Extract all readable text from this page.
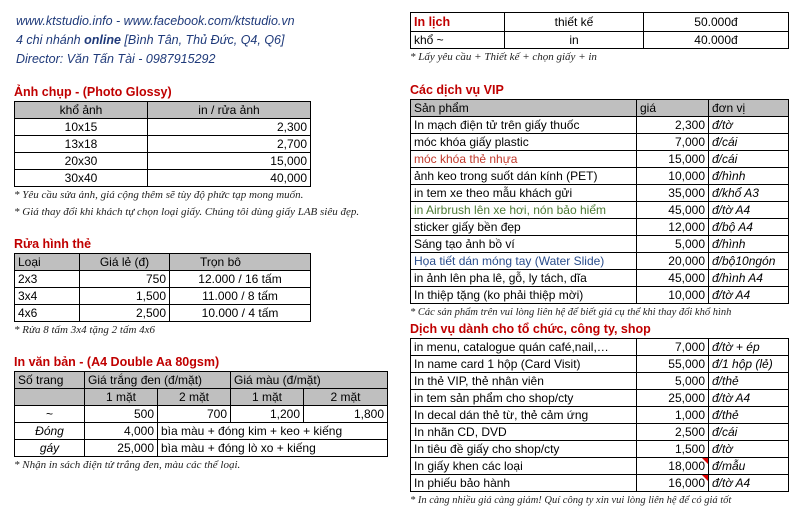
www.ktstudio.info - www.facebook.com/ktstudio.vn
4 chi nhánh online [Bình Tân, Thủ Đức, Q4, Q6]
Director: Văn Tấn Tài - 0987915292
Ảnh chụp - (Photo Glossy)
khổ ảnh	in / rửa ảnh
10x15	2,300
13x18	2,700
20x30	15,000
30x40	40,000
* Yêu cầu sửa ảnh, giá cộng thêm sẽ tùy độ phức tạp mong muốn.
* Giá thay đổi khi khách tự chọn loại giấy. Chúng tôi dùng giấy LAB siêu đẹp.
Rửa hình thẻ
Loại	Giá lẻ (đ)	Trọn bô
2x3	750	12.000 / 16 tấm
3x4	1,500	11.000 / 8 tấm
4x6	2,500	10.000 / 4 tấm
* Rửa 8 tấm 3x4 tặng 2 tấm 4x6
In văn bản - (A4 Double Aa 80gsm)
Số trang	Giá trắng đen (đ/mặt)		Giá màu (đ/mặt)	
	1 mặt	2 mặt	1 mặt	2 mặt
~	500	700	1,200	1,800
Đóng	4,000	bìa màu + đóng kim + keo + kiếng		
gáy	25,000	bìa màu + đóng lò xo + kiếng		
* Nhận in sách điện tử trắng đen, màu các thể loại.
In lịch	thiết kế	50.000đ
khổ ~	in	40.000đ
* Lấy yêu cầu + Thiết kế + chọn giấy + in
Các dịch vụ VIP
Sản phẩm	giá	đơn vị
In mạch điện tử trên giấy thuốc	2,300	đ/tờ
móc khóa giấy plastic	7,000	đ/cái
móc khóa thẻ nhựa	15,000	đ/cái
ảnh keo trong suốt dán kính (PET)	10,000	đ/hình
in tem xe theo mẫu khách gửi	35,000	đ/khổ A3
in Airbrush lên xe hơi, nón bảo hiểm	45,000	đ/tờ A4
sticker giấy bền đẹp	12,000	đ/bộ A4
Sáng tạo ảnh bồ ví	5,000	đ/hình
Họa tiết dán móng tay (Water Slide)	20,000	đ/bộ10ngón
in ảnh lên pha lê, gỗ, ly tách, dĩa	45,000	đ/hình A4
In thiệp tặng (ko phải thiệp mời)	10,000	đ/tờ A4
* Các sản phẩm trên vui lòng liên hệ để biết giá cụ thể khi thay đổi khổ hình
Dịch vụ dành cho tổ chức, công ty, shop
in menu, catalogue quán café,nail,…	7,000	đ/tờ + ép
In name card 1 hộp (Card Visit)	55,000	đ/1 hộp (lẻ)
In thẻ VIP, thẻ nhân viên	5,000	đ/thẻ
in tem sản phẩm cho shop/cty	25,000	đ/tờ A4
In decal dán thẻ từ, thẻ cảm ứng	1,000	đ/thẻ
In nhãn CD, DVD	2,500	đ/cái
In tiêu đề giấy cho shop/cty	1,500	đ/tờ
In giấy khen các loại	18,000	đ/mẫu
In phiếu bảo hành	16,000	đ/tờ A4
* In càng nhiều giá càng giảm! Quí công ty xin vui lòng liên hệ để có giá tốt
